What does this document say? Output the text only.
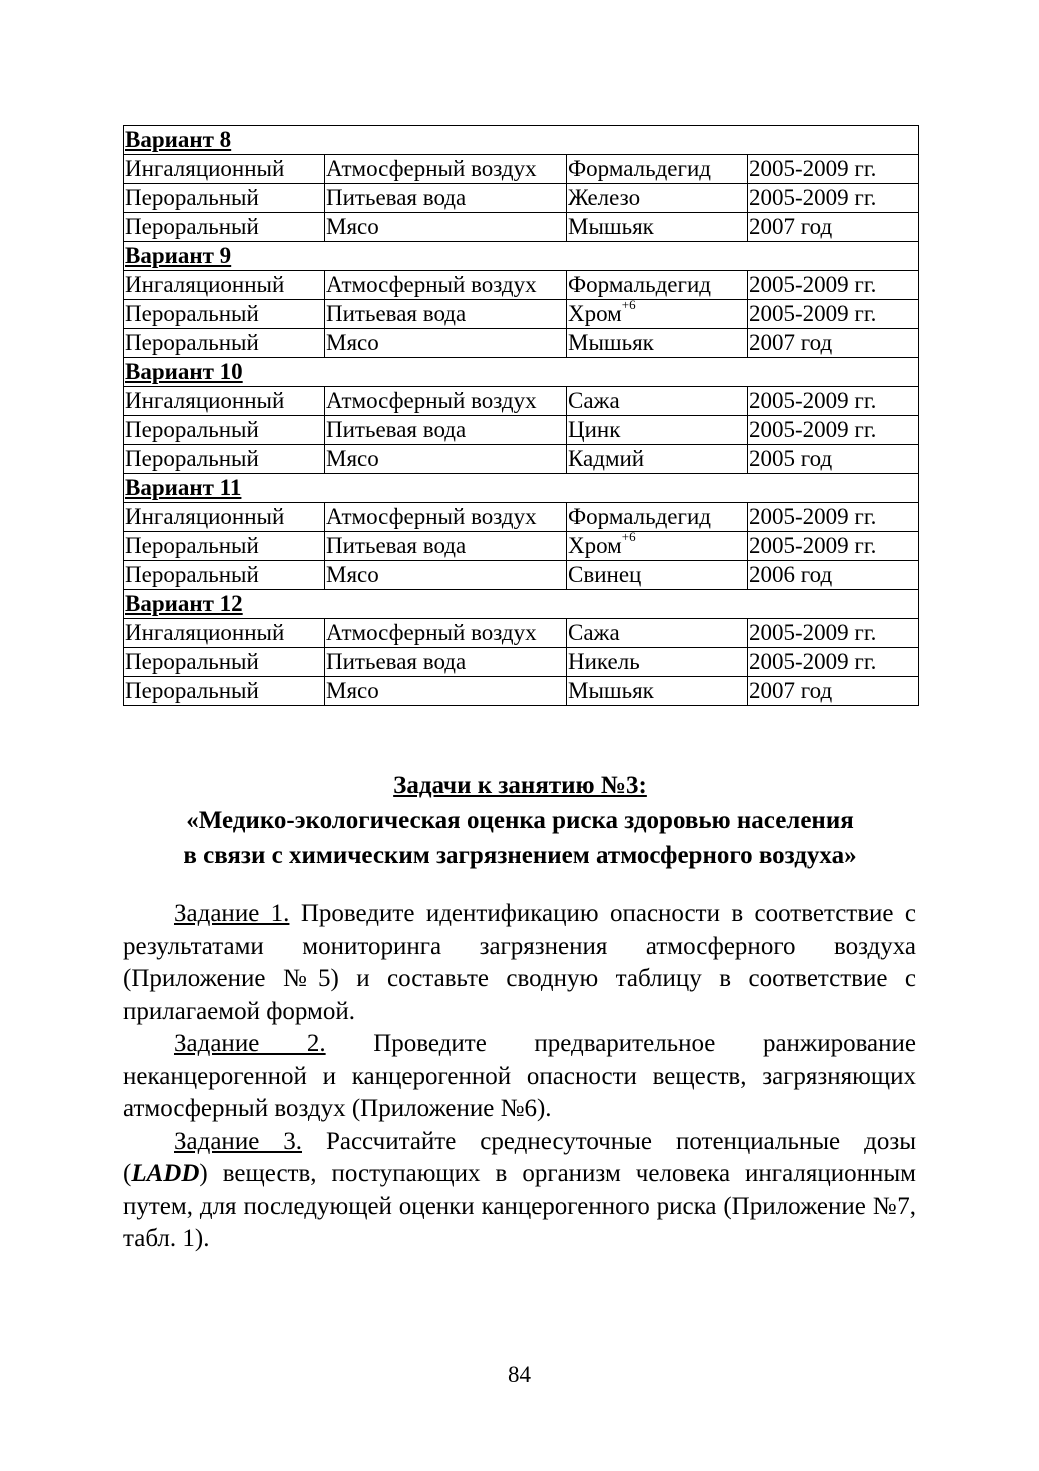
Вариант 8			
Ингаляционный	Атмосферный воздух	Формальдегид	2005-2009 гг.
Пероральный	Питьевая вода	Железо	2005-2009 гг.
Пероральный	Мясо	Мышьяк	2007 год
Вариант 9			
Ингаляционный	Атмосферный воздух	Формальдегид	2005-2009 гг.
Пероральный	Питьевая вода	Хром$^{+6}$	2005-2009 гг.
Пероральный	Мясо	Мышьяк	2007 год
Вариант 10			
Ингаляционный	Атмосферный воздух	Сажа	2005-2009 гг.
Пероральный	Питьевая вода	Цинк	2005-2009 гг.
Пероральный	Мясо	Кадмий	2005 год
Вариант 11			
Ингаляционный	Атмосферный воздух	Формальдегид	2005-2009 гг.
Пероральный	Питьевая вода	Хром$^{+6}$	2005-2009 гг.
Пероральный	Мясо	Свинец	2006 год
Вариант 12			
Ингаляционный	Атмосферный воздух	Сажа	2005-2009 гг.
Пероральный	Питьевая вода	Никель	2005-2009 гг.
Пероральный	Мясо	Мышьяк	2007 год
Задачи к занятию №3:
«Медико-экологическая оценка риска здоровью населения
в связи с химическим загрязнением атмосферного воздуха»

Задание 1. Проведите идентификацию опасности в соответствие с результатами мониторинга загрязнения атмосферного воздуха (Приложение №5) и составьте сводную таблицу в соответствие с прилагаемой формой.

Задание 2. Проведите предварительное ранжирование неканцерогенной и канцерогенной опасности веществ, загрязняющих атмосферный воздух (Приложение №6).

Задание 3. Рассчитайте среднесуточные потенциальные дозы (LADD) веществ, поступающих в организм человека ингаляционным путем, для последующей оценки канцерогенного риска (Приложение №7, табл. 1).

84
